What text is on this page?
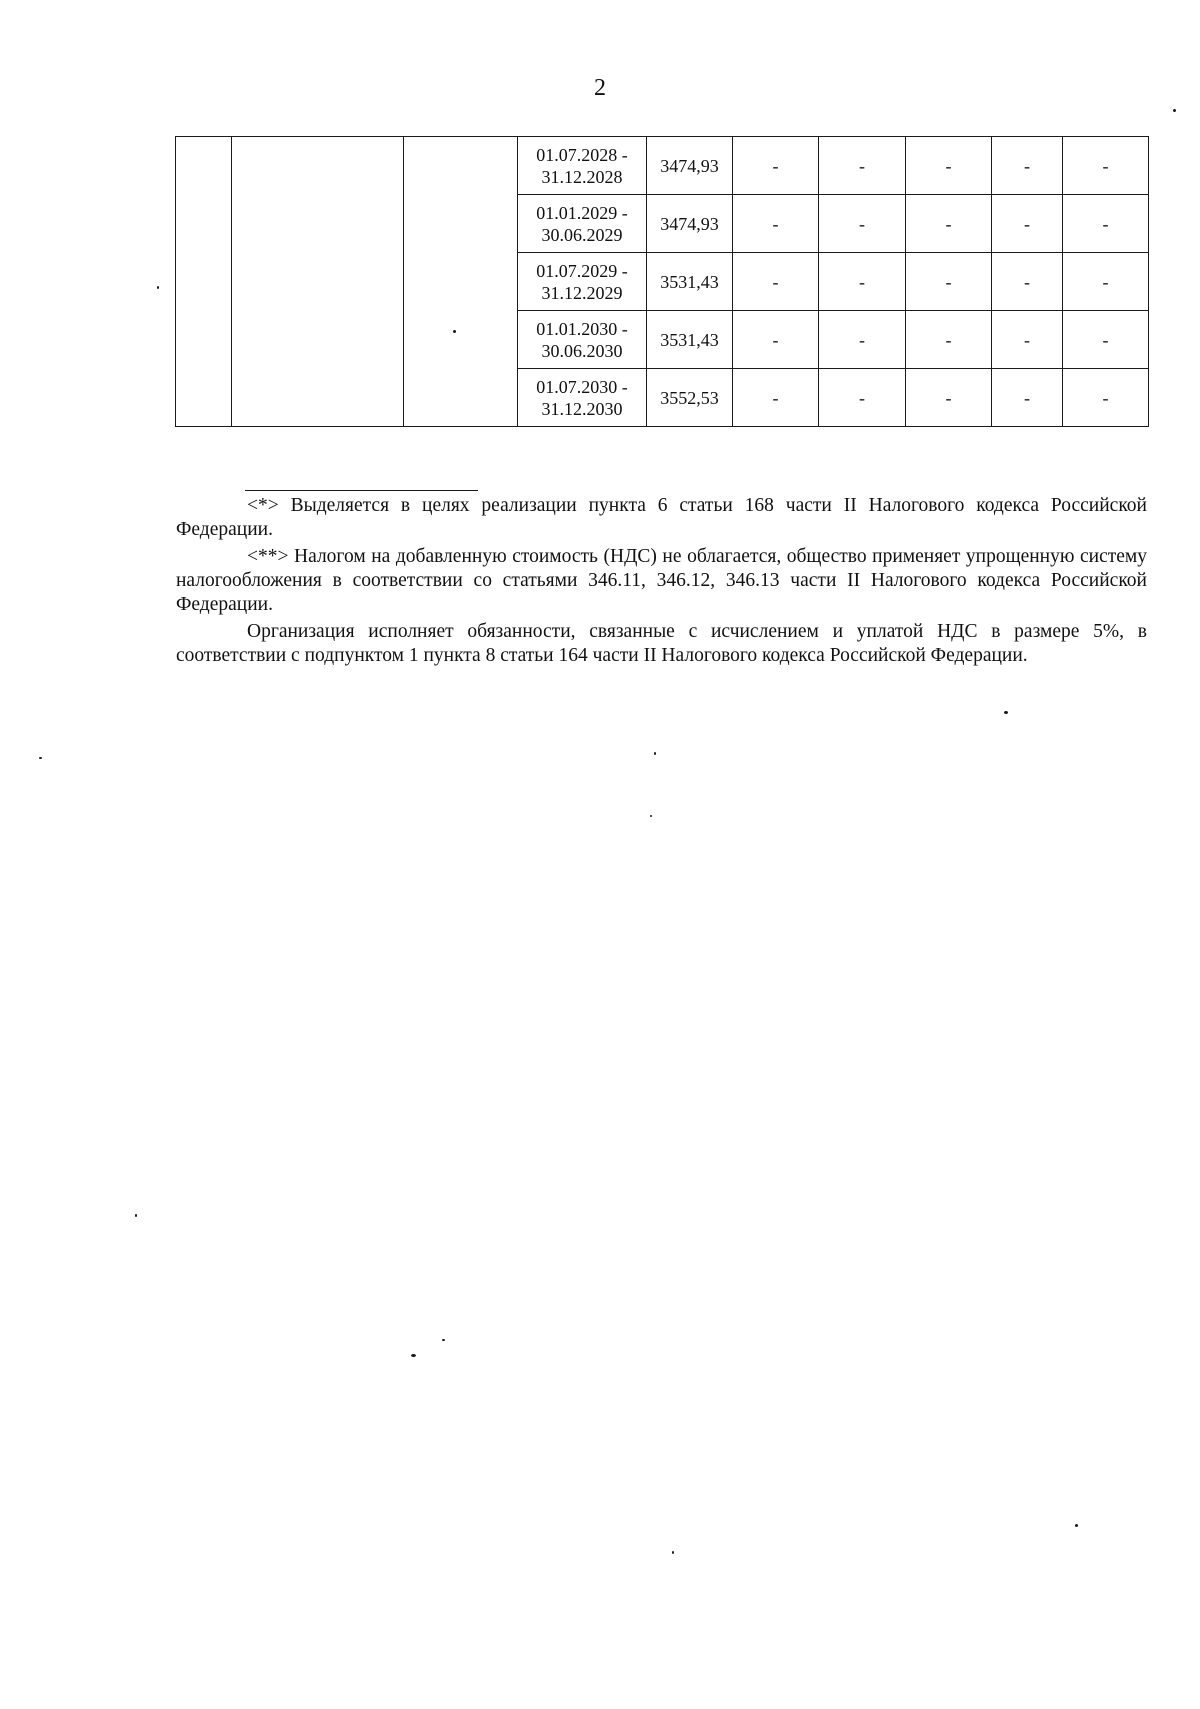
2

			01.07.2028 -
31.12.2028	3474,93	-	-	-	-	-

			01.01.2029 -
30.06.2029	3474,93	-	-	-	-	-

			01.07.2029 -
31.12.2029	3531,43	-	-	-	-	-

			01.01.2030 -
30.06.2030	3531,43	-	-	-	-	-

			01.07.2030 -
31.12.2030	3552,53	-	-	-	-	-

<*> Выделяется в целях реализации пункта 6 статьи 168 части II Налогового кодекса Российской Федерации.

<**> Налогом на добавленную стоимость (НДС) не облагается, общество применяет упрощенную систему налогообложения в соответствии со статьями 346.11, 346.12, 346.13 части II Налогового кодекса Российской Федерации.

Организация исполняет обязанности, связанные с исчислением и уплатой НДС в размере 5%, в соответствии с подпунктом 1 пункта 8 статьи 164 части II Налогового кодекса Российской Федерации.
